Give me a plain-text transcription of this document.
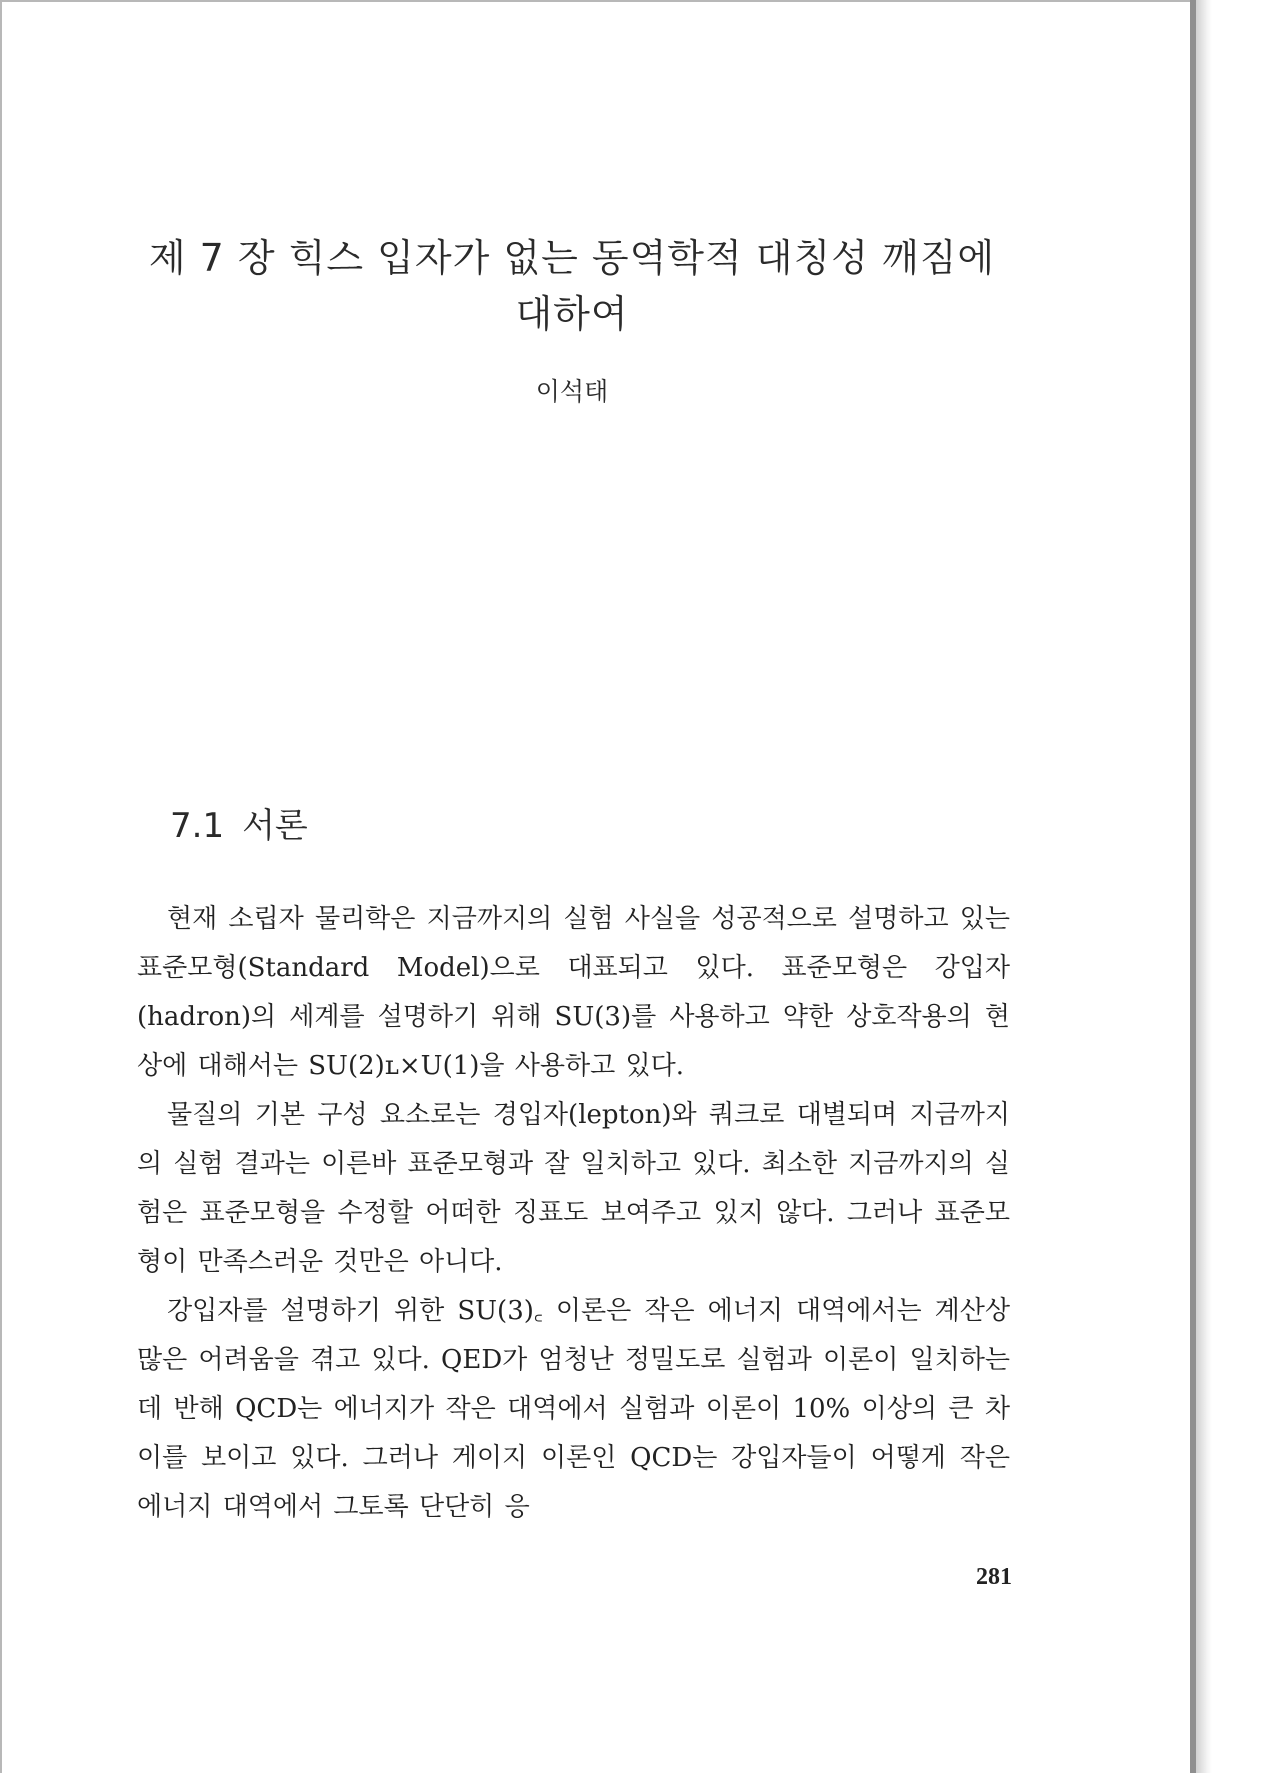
제 7 장 힉스 입자가 없는 동역학적 대칭성 깨짐에
대하여
이석태
7.1 서론

현재 소립자 물리학은 지금까지의 실험 사실을 성공적으로 설명하고 있는 표준모형(Standard Model)으로 대표되고 있다. 표준모형은 강입자(hadron)의 세계를 설명하기 위해 SU(3)를 사용하고 약한 상호작용의 현상에 대해서는 SU(2)ʟ×U(1)을 사용하고 있다.

물질의 기본 구성 요소로는 경입자(lepton)와 쿼크로 대별되며 지금까지의 실험 결과는 이른바 표준모형과 잘 일치하고 있다. 최소한 지금까지의 실험은 표준모형을 수정할 어떠한 징표도 보여주고 있지 않다. 그러나 표준모형이 만족스러운 것만은 아니다.

강입자를 설명하기 위한 SU(3)꜀ 이론은 작은 에너지 대역에서는 계산상 많은 어려움을 겪고 있다. QED가 엄청난 정밀도로 실험과 이론이 일치하는 데 반해 QCD는 에너지가 작은 대역에서 실험과 이론이 10% 이상의 큰 차이를 보이고 있다. 그러나 게이지 이론인 QCD는 강입자들이 어떻게 작은 에너지 대역에서 그토록 단단히 응

281
